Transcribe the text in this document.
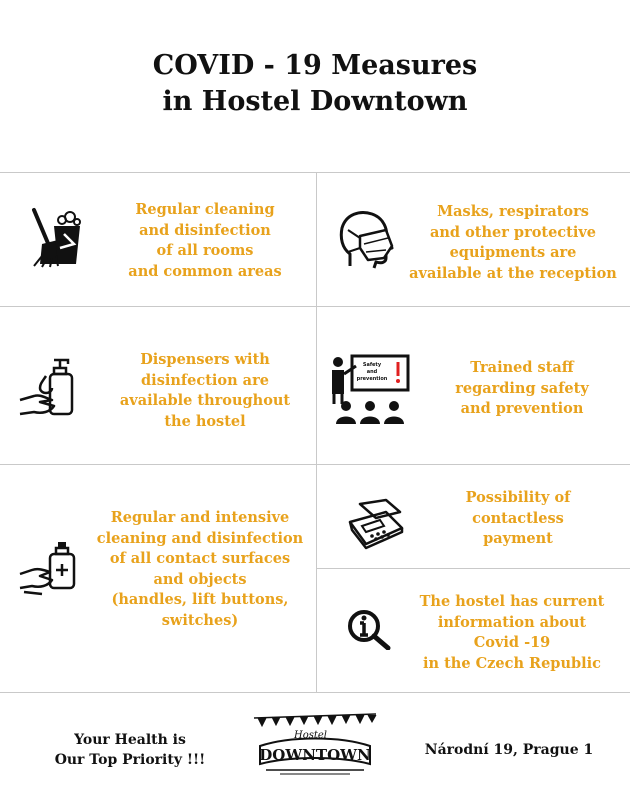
COVID - 19 Measures
in Hostel Downtown
Regular cleaning
and disinfection
of all rooms
and common areas
Masks, respirators
and other protective
equipments are
available at the reception
Dispensers with
disinfection are
available throughout
the hostel
Safety and prevention
Trained staff
regarding safety
and prevention
Regular and intensive
cleaning and disinfection
of all contact surfaces
and objects
(handles, lift buttons,
switches)
Possibility of
contactless
payment
The hostel has current
information about
Covid -19
in the Czech Republic
Your Health is
Our Top Priority !!!
Hostel
DOWNTOWN	Národní 19, Prague 1
